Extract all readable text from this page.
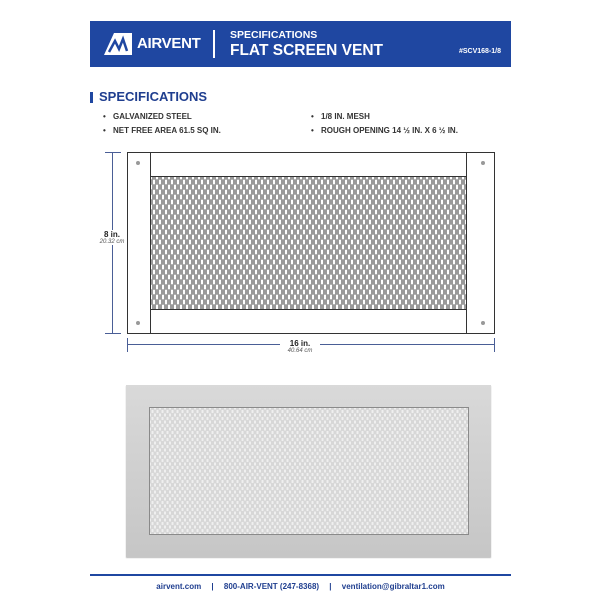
AIRVENT	SPECIFICATIONS
FLAT SCREEN VENT	#SCV168-1/8
SPECIFICATIONS
• GALVANIZED STEEL	• 1/8 IN. MESH
• NET FREE AREA 61.5 SQ IN.	• ROUGH OPENING 14 ½ IN. X 6 ½ IN.
8 in.
20.32 cm
16 in.
40.64 cm
airvent.com | 800-AIR-VENT (247-8368) | ventilation@gibraltar1.com
